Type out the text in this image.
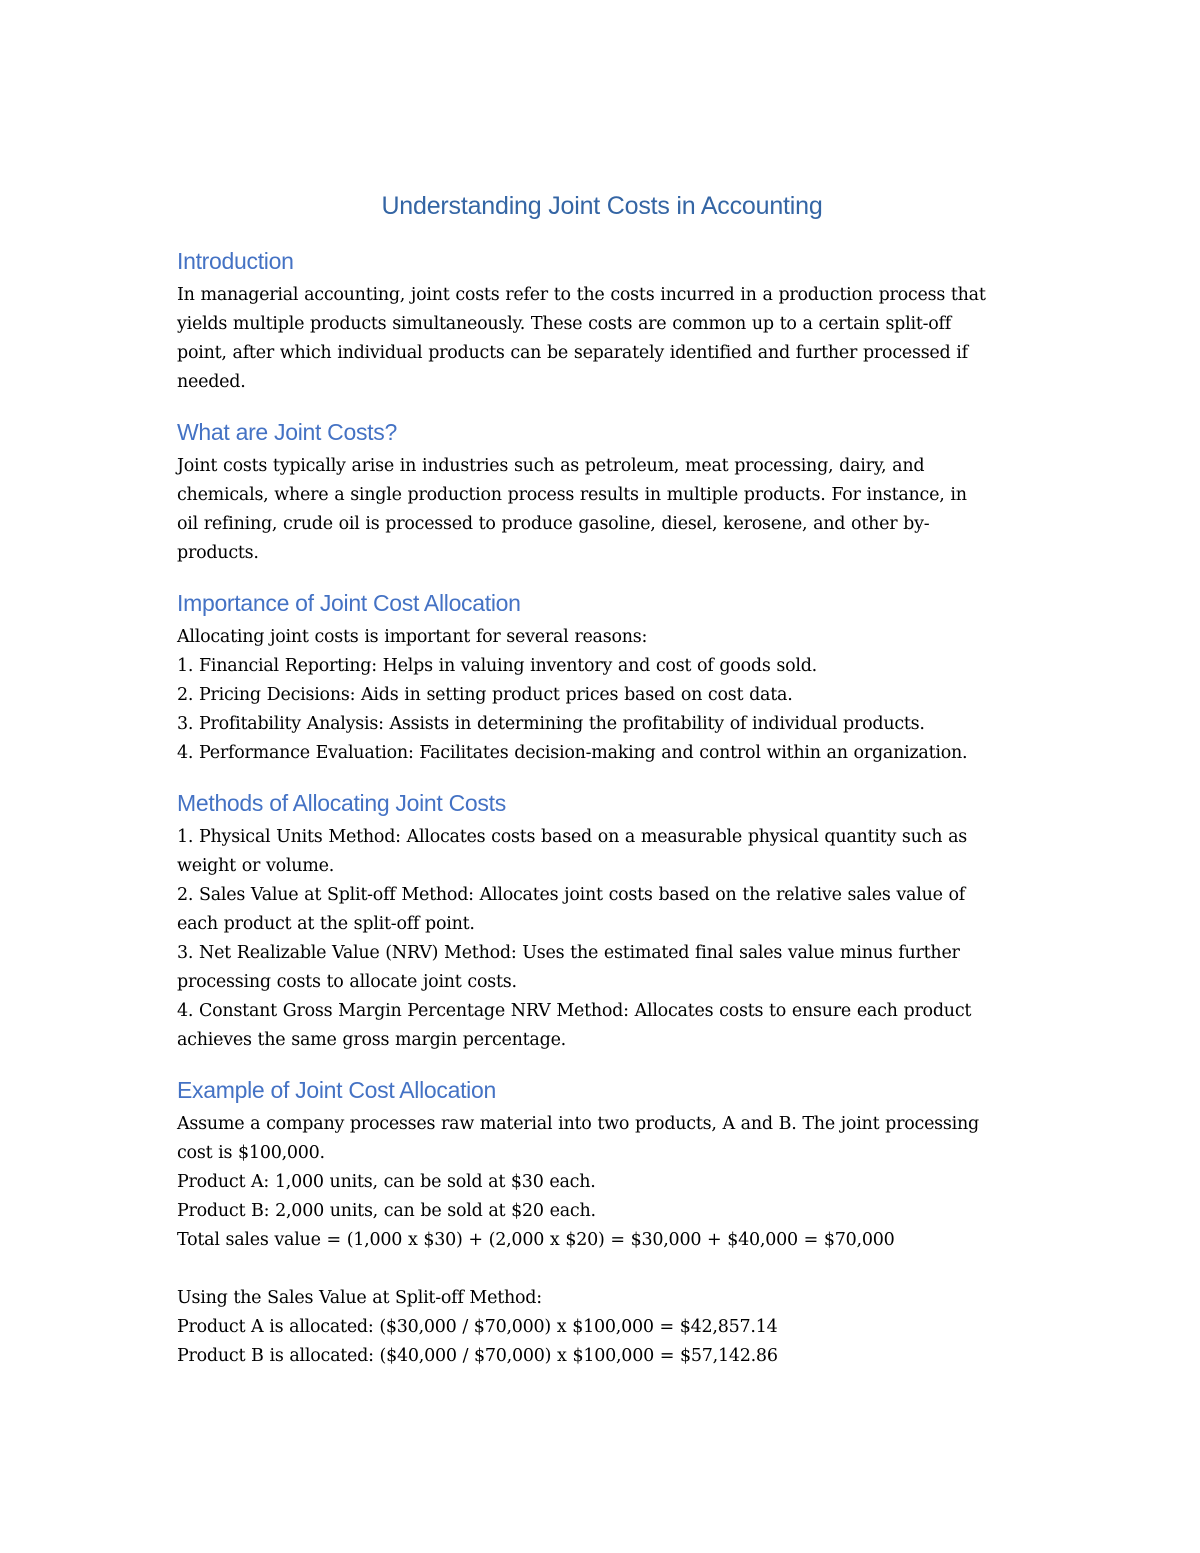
Understanding Joint Costs in Accounting
Introduction
In managerial accounting, joint costs refer to the costs incurred in a production process that
yields multiple products simultaneously. These costs are common up to a certain split-off
point, after which individual products can be separately identified and further processed if
needed.
What are Joint Costs?
Joint costs typically arise in industries such as petroleum, meat processing, dairy, and
chemicals, where a single production process results in multiple products. For instance, in
oil refining, crude oil is processed to produce gasoline, diesel, kerosene, and other by-
products.
Importance of Joint Cost Allocation
Allocating joint costs is important for several reasons:
1. Financial Reporting: Helps in valuing inventory and cost of goods sold.
2. Pricing Decisions: Aids in setting product prices based on cost data.
3. Profitability Analysis: Assists in determining the profitability of individual products.
4. Performance Evaluation: Facilitates decision-making and control within an organization.
Methods of Allocating Joint Costs
1. Physical Units Method: Allocates costs based on a measurable physical quantity such as
weight or volume.
2. Sales Value at Split-off Method: Allocates joint costs based on the relative sales value of
each product at the split-off point.
3. Net Realizable Value (NRV) Method: Uses the estimated final sales value minus further
processing costs to allocate joint costs.
4. Constant Gross Margin Percentage NRV Method: Allocates costs to ensure each product
achieves the same gross margin percentage.
Example of Joint Cost Allocation
Assume a company processes raw material into two products, A and B. The joint processing
cost is $100,000.
Product A: 1,000 units, can be sold at $30 each.
Product B: 2,000 units, can be sold at $20 each.
Total sales value = (1,000 x $30) + (2,000 x $20) = $30,000 + $40,000 = $70,000
Using the Sales Value at Split-off Method:
Product A is allocated: ($30,000 / $70,000) x $100,000 = $42,857.14
Product B is allocated: ($40,000 / $70,000) x $100,000 = $57,142.86
